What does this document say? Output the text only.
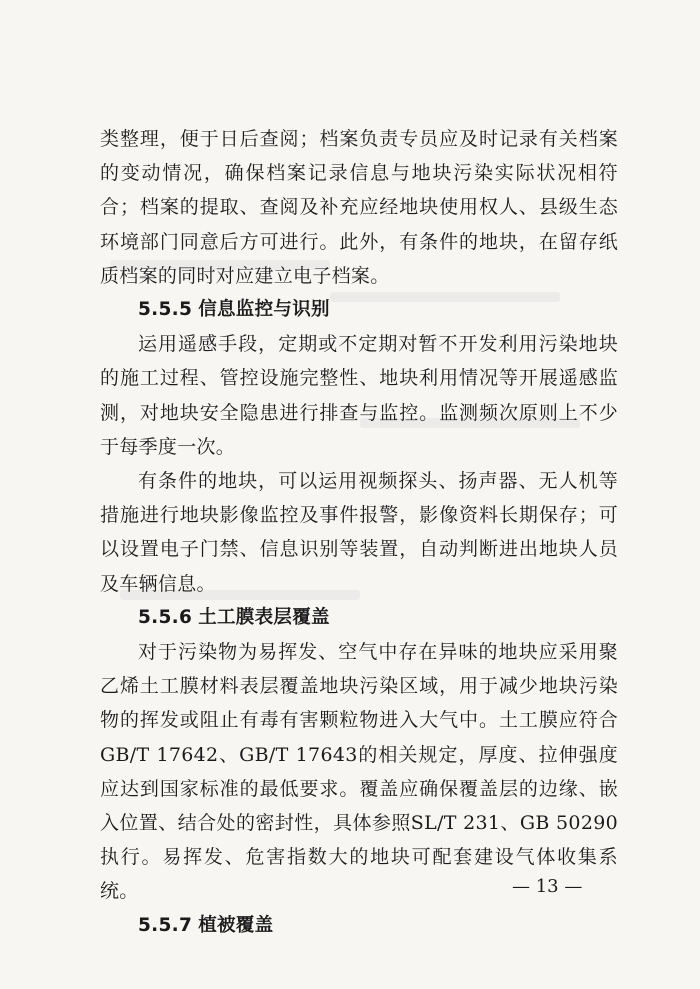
类整理，便于日后查阅；档案负责专员应及时记录有关档案的变动情况，确保档案记录信息与地块污染实际状况相符合；档案的提取、查阅及补充应经地块使用权人、县级生态环境部门同意后方可进行。此外，有条件的地块，在留存纸质档案的同时对应建立电子档案。

5.5.5 信息监控与识别

运用遥感手段，定期或不定期对暂不开发利用污染地块的施工过程、管控设施完整性、地块利用情况等开展遥感监测，对地块安全隐患进行排查与监控。监测频次原则上不少于每季度一次。

有条件的地块，可以运用视频探头、扬声器、无人机等措施进行地块影像监控及事件报警，影像资料长期保存；可以设置电子门禁、信息识别等装置，自动判断进出地块人员及车辆信息。

5.5.6 土工膜表层覆盖

对于污染物为易挥发、空气中存在异味的地块应采用聚乙烯土工膜材料表层覆盖地块污染区域，用于减少地块污染物的挥发或阻止有毒有害颗粒物进入大气中。土工膜应符合GB/T 17642、GB/T 17643的相关规定，厚度、拉伸强度应达到国家标准的最低要求。覆盖应确保覆盖层的边缘、嵌入位置、结合处的密封性，具体参照SL/T 231、GB 50290执行。易挥发、危害指数大的地块可配套建设气体收集系统。

5.5.7 植被覆盖
— 13 —
